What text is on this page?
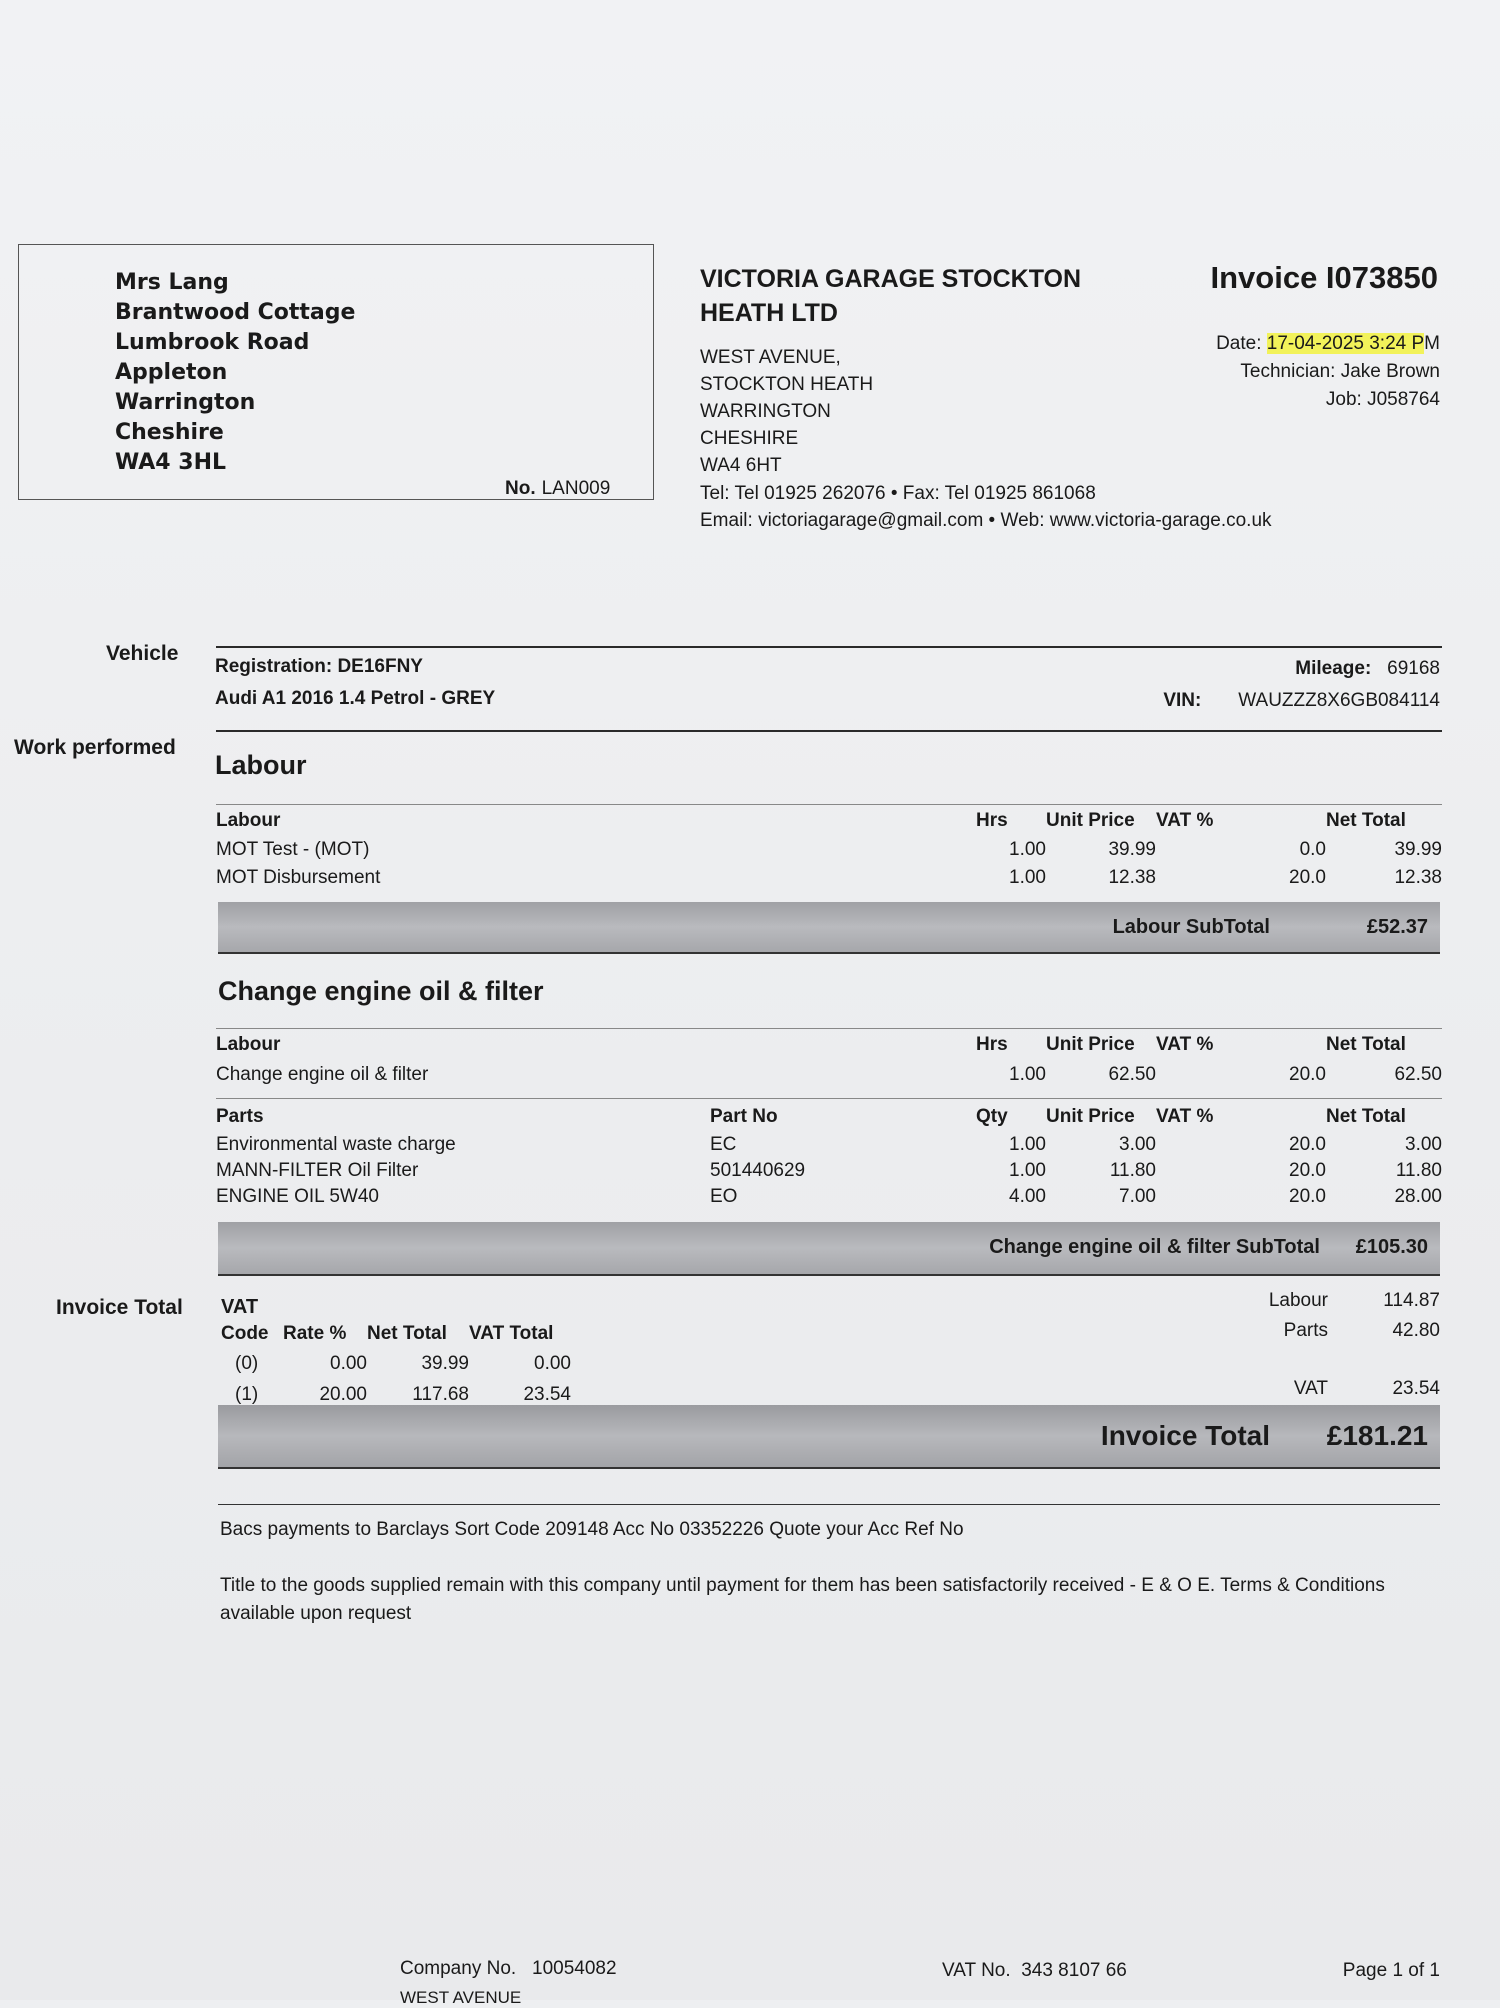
Mrs Lang
Brantwood Cottage
Lumbrook Road
Appleton
Warrington
Cheshire
WA4 3HL
No. LAN009
VICTORIA GARAGE STOCKTON HEATH LTD
WEST AVENUE,
STOCKTON HEATH
WARRINGTON
CHESHIRE
WA4 6HT
Tel: Tel 01925 262076 • Fax: Tel 01925 861068
Email: victoriagarage@gmail.com • Web: www.victoria-garage.co.uk
Invoice I073850
Date: 17-04-2025 3:24 PM
Technician: Jake Brown
Job: J058764
Vehicle
Registration: DE16FNY
Audi A1 2016 1.4 Petrol - GREY
Mileage: 69168
VIN: WAUZZZ8X6GB084114
Work performed
Labour
Labour	Hrs	Unit Price	VAT %	Net Total
MOT Test - (MOT)	1.00	39.99	0.0	39.99
MOT Disbursement	1.00	12.38	20.0	12.38
Labour SubTotal	£52.37
Change engine oil & filter
Labour	Hrs	Unit Price	VAT %	Net Total
Change engine oil & filter	1.00	62.50	20.0	62.50
Parts	Part No	Qty	Unit Price	VAT %	Net Total
Environmental waste charge	EC	1.00	3.00	20.0	3.00
MANN-FILTER Oil Filter	501440629	1.00	11.80	20.0	11.80
ENGINE OIL 5W40	EO	4.00	7.00	20.0	28.00
Change engine oil & filter SubTotal £105.30
Invoice Total VAT
Code	Rate %	Net Total	VAT Total
(0)	0.00	39.99	0.00
(1)	20.00	117.68	23.54
Labour	114.87
Parts	42.80
VAT	23.54
Invoice Total £181.21
Bacs payments to Barclays Sort Code 209148 Acc No 03352226 Quote your Acc Ref No
Title to the goods supplied remain with this company until payment for them has been satisfactorily received - E & O E. Terms & Conditions available upon request
Company No. 10054082	VAT No. 343 8107 66	Page 1 of 1
WEST AVENUE
